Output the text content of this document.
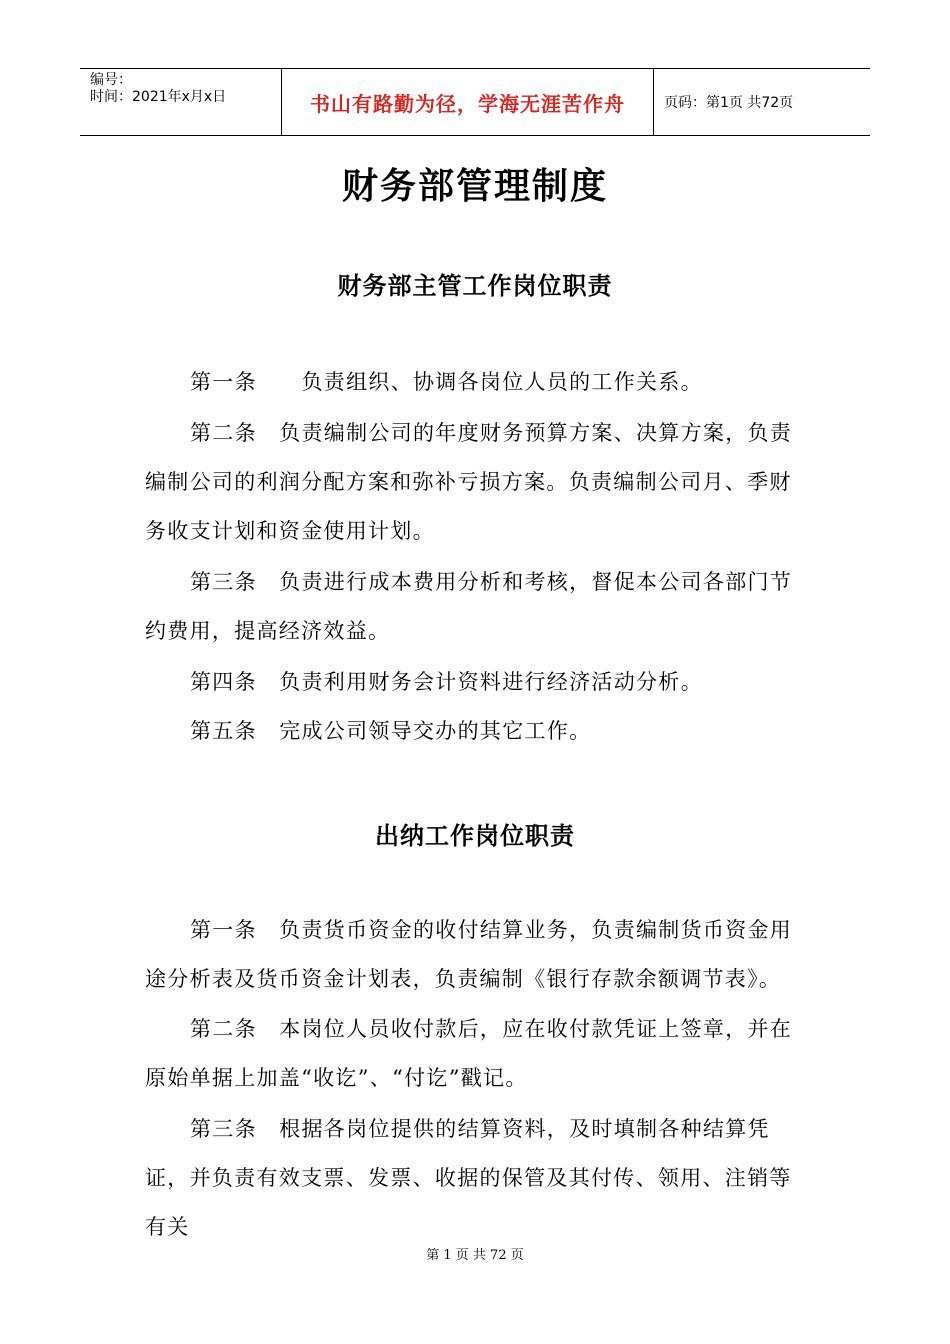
编号：
时间：2021年x月x日	书山有路勤为径，学海无涯苦作舟	页码：第1页 共72页
财务部管理制度
财务部主管工作岗位职责

第一条　　负责组织、协调各岗位人员的工作关系。

第二条　负责编制公司的年度财务预算方案、决算方案，负责编制公司的利润分配方案和弥补亏损方案。负责编制公司月、季财务收支计划和资金使用计划。

第三条　负责进行成本费用分析和考核，督促本公司各部门节约费用，提高经济效益。

第四条　负责利用财务会计资料进行经济活动分析。

第五条　完成公司领导交办的其它工作。

出纳工作岗位职责

第一条　负责货币资金的收付结算业务，负责编制货币资金用途分析表及货币资金计划表，负责编制《银行存款余额调节表》。

第二条　本岗位人员收付款后，应在收付款凭证上签章，并在原始单据上加盖“收讫”、“付讫”戳记。

第三条　根据各岗位提供的结算资料，及时填制各种结算凭证，并负责有效支票、发票、收据的保管及其付传、领用、注销等有关

第 1 页 共 72 页
